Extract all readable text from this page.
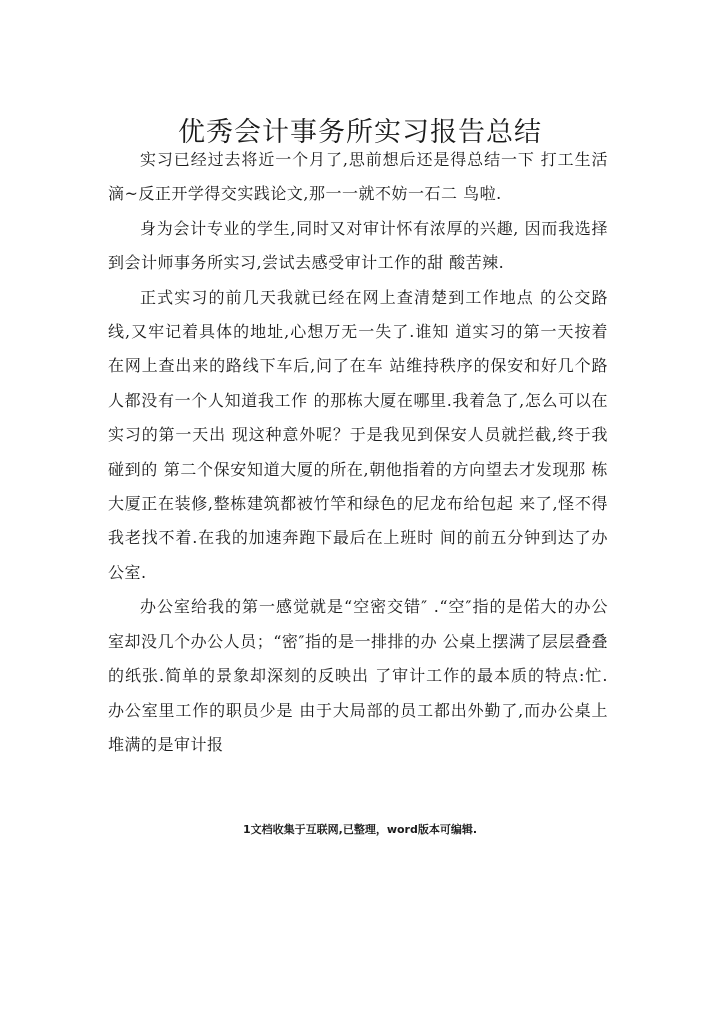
优秀会计事务所实习报告总结

实习已经过去将近一个月了,思前想后还是得总结一下 打工生活滴~反正开学得交实践论文,那一一就不妨一石二 鸟啦.

身为会计专业的学生,同时又对审计怀有浓厚的兴趣, 因而我选择到会计师事务所实习,尝试去感受审计工作的甜 酸苦辣.

正式实习的前几天我就已经在网上查清楚到工作地点 的公交路线,又牢记着具体的地址,心想万无一失了.谁知 道实习的第一天按着在网上查出来的路线下车后,问了在车 站维持秩序的保安和好几个路人都没有一个人知道我工作 的那栋大厦在哪里.我着急了,怎么可以在实习的第一天出 现这种意外呢？于是我见到保安人员就拦截,终于我碰到的 第二个保安知道大厦的所在,朝他指着的方向望去才发现那 栋大厦正在装修,整栋建筑都被竹竿和绿色的尼龙布给包起 来了,怪不得我老找不着.在我的加速奔跑下最后在上班时 间的前五分钟到达了办公室.

办公室给我的第一感觉就是“空密交错″ .“空″指的是偌大的办公室却没几个办公人员；“密″指的是一排排的办 公桌上摆满了层层叠叠的纸张.简单的景象却深刻的反映出 了审计工作的最本质的特点:忙.办公室里工作的职员少是 由于大局部的员工都出外勤了,而办公桌上堆满的是审计报

1文档收集于互联网,已整理，word版本可编辑.
